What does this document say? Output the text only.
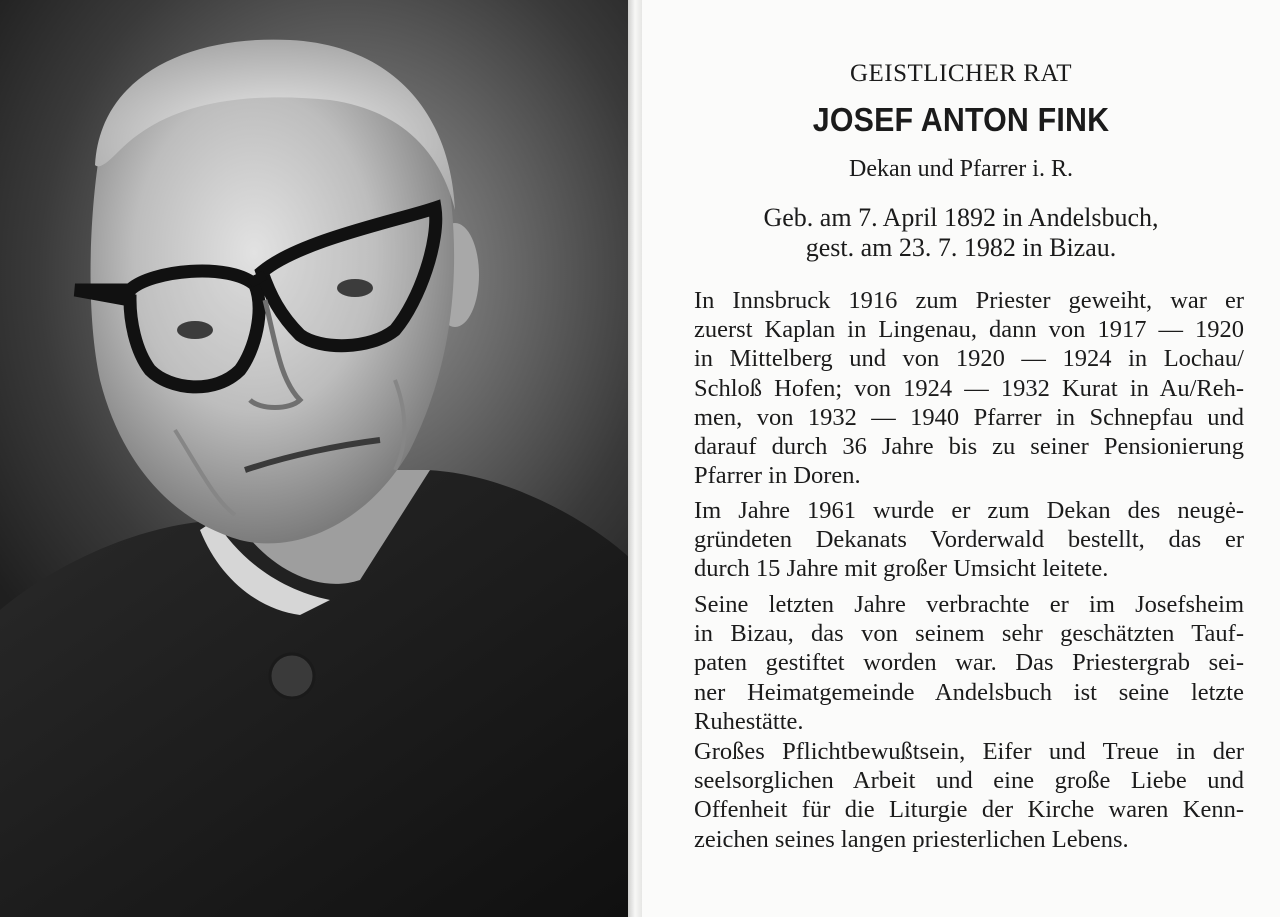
GEISTLICHER RAT
JOSEF ANTON FINK
Dekan und Pfarrer i. R.
Geb. am 7. April 1892 in Andelsbuch,
gest. am 23. 7. 1982 in Bizau.
In Innsbruck 1916 zum Priester geweiht, war er
zuerst Kaplan in Lingenau, dann von 1917 — 1920
in Mittelberg und von 1920 — 1924 in Lochau/
Schloß Hofen; von 1924 — 1932 Kurat in Au/Reh-
men, von 1932 — 1940 Pfarrer in Schnepfau und
darauf durch 36 Jahre bis zu seiner Pensionierung
Pfarrer in Doren.
Im Jahre 1961 wurde er zum Dekan des neugė-
gründeten Dekanats Vorderwald bestellt, das er
durch 15 Jahre mit großer Umsicht leitete.
Seine letzten Jahre verbrachte er im Josefsheim
in Bizau, das von seinem sehr geschätzten Tauf-
paten gestiftet worden war. Das Priestergrab sei-
ner Heimatgemeinde Andelsbuch ist seine letzte
Ruhestätte.
Großes Pflichtbewußtsein, Eifer und Treue in der
seelsorglichen Arbeit und eine große Liebe und
Offenheit für die Liturgie der Kirche waren Kenn-
zeichen seines langen priesterlichen Lebens.
